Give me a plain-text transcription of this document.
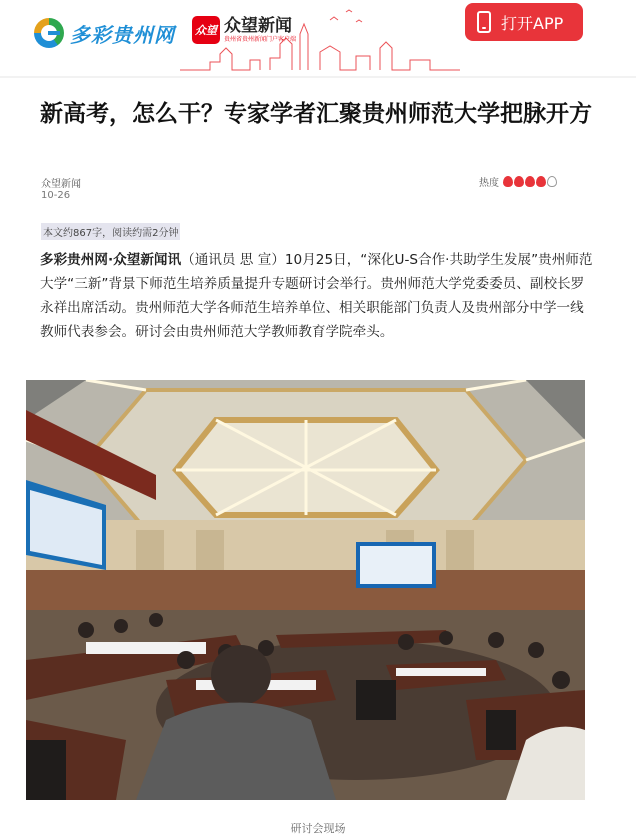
多彩贵州网 众望 众望新闻
贵州省贵州新闻门户客户端
打开APP
新高考，怎么干？专家学者汇聚贵州师范大学把脉开方
众望新闻
10-26
热度
本文约867字，阅读约需2分钟
多彩贵州网·众望新闻讯（通讯员 思 宣）10月25日，“深化U-S合作·共助学生发展”贵州师范大学“三新”背景下师范生培养质量提升专题研讨会举行。贵州师范大学党委委员、副校长罗永祥出席活动。贵州师范大学各师范生培养单位、相关职能部门负责人及贵州部分中学一线教师代表参会。研讨会由贵州师范大学教师教育学院牵头。
研讨会现场
